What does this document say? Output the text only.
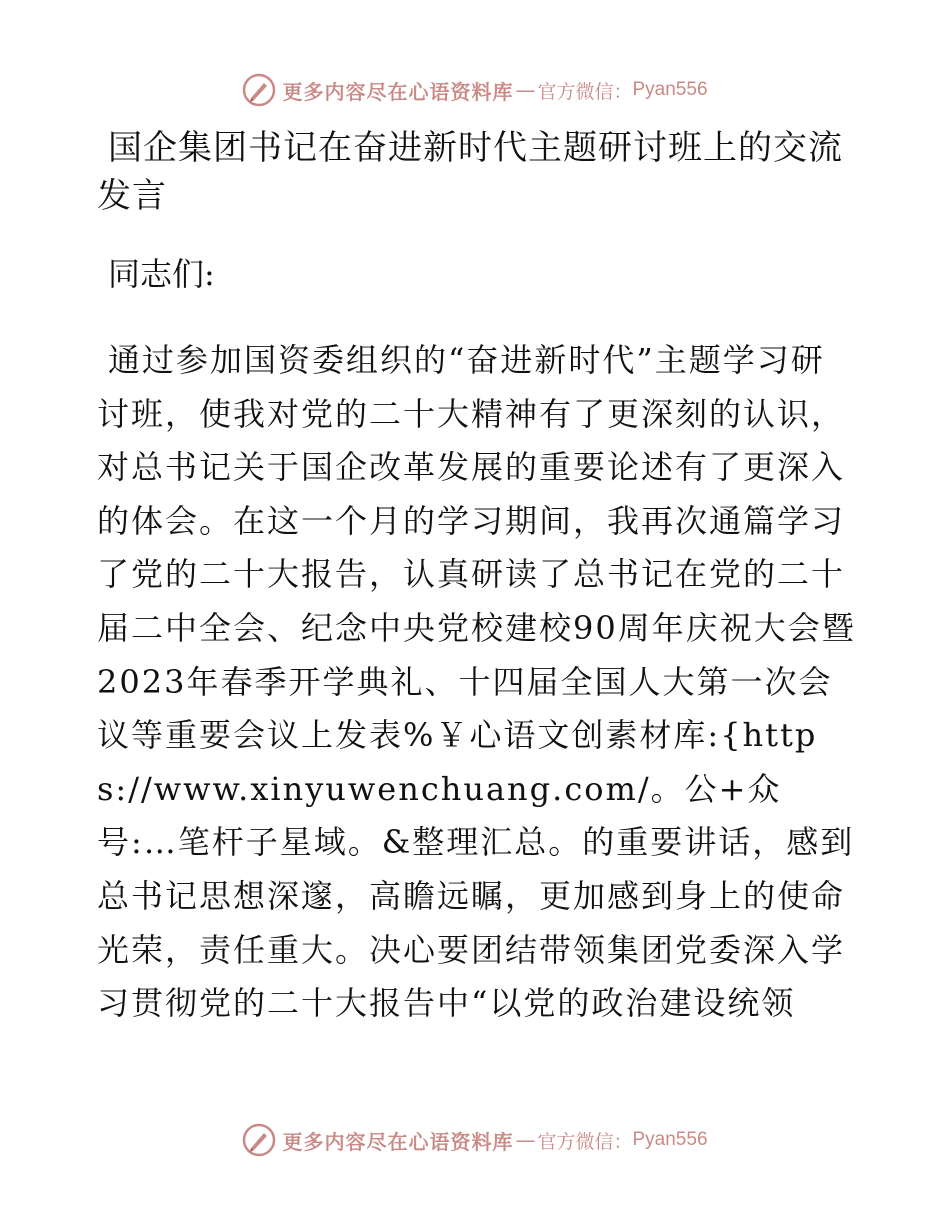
更多内容尽在心语资料库 — 官方微信： Pyan556
国企集团书记在奋进新时代主题研讨班上的交流发言

同志们:

通过参加国资委组织的“奋进新时代”主题学习研讨班，使我对党的二十大精神有了更深刻的认识，对总书记关于国企改革发展的重要论述有了更深入的体会。在这一个月的学习期间，我再次通篇学习了党的二十大报告，认真研读了总书记在党的二十届二中全会、纪念中央党校建校90周年庆祝大会暨2023年春季开学典礼、十四届全国人大第一次会议等重要会议上发表%￥心语文创素材库:{https://www.xinyuwenchuang.com/。公+众号:…笔杆子星域。&整理汇总。的重要讲话，感到总书记思想深邃，高瞻远瞩，更加感到身上的使命光荣，责任重大。决心要团结带领集团党委深入学习贯彻党的二十大报告中“以党的政治建设统领

更多内容尽在心语资料库 — 官方微信： Pyan556
